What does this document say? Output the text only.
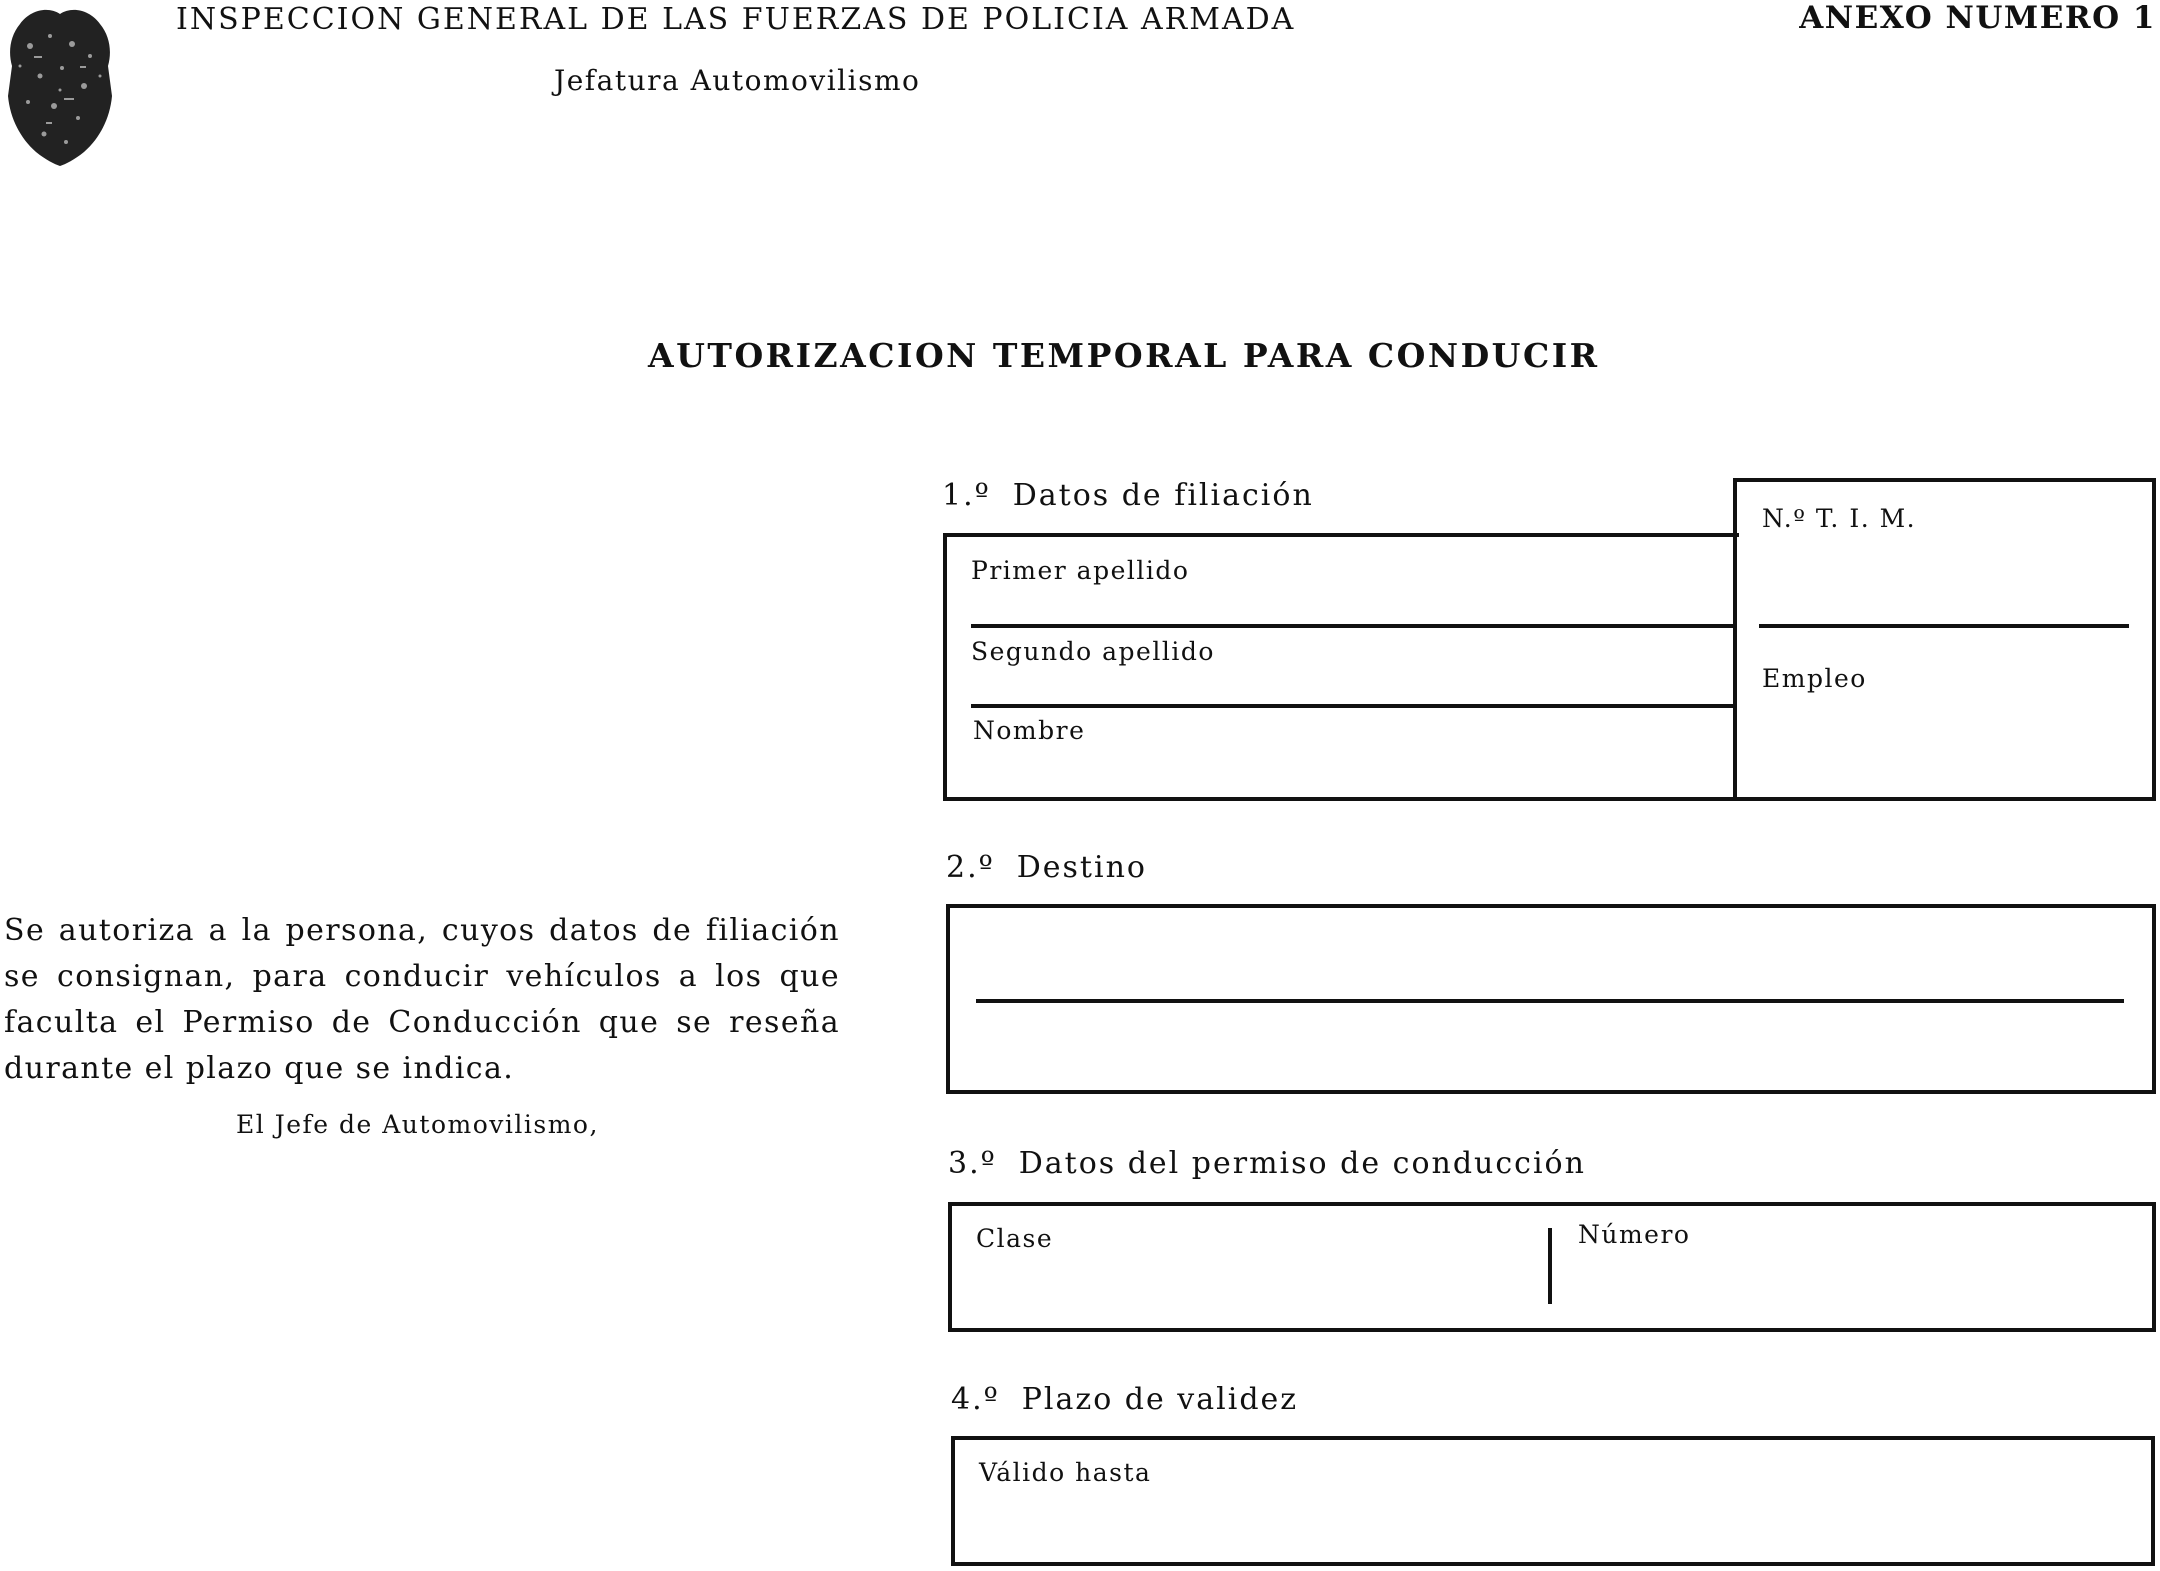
INSPECCION GENERAL DE LAS FUERZAS DE POLICIA ARMADA
Jefatura Automovilismo
ANEXO NUMERO 1
AUTORIZACION TEMPORAL PARA CONDUCIR
1.º Datos de filiación
Primer apellido
Segundo apellido
Nombre
N.º T. I. M.
Empleo
2.º Destino
Se autoriza a la persona, cuyos datos de filiación se consignan, para conducir vehículos a los que faculta el Permiso de Conducción que se reseña durante el plazo que se indica.
El Jefe de Automovilismo,
3.º Datos del permiso de conducción
Clase	Número
4.º Plazo de validez
Válido hasta
